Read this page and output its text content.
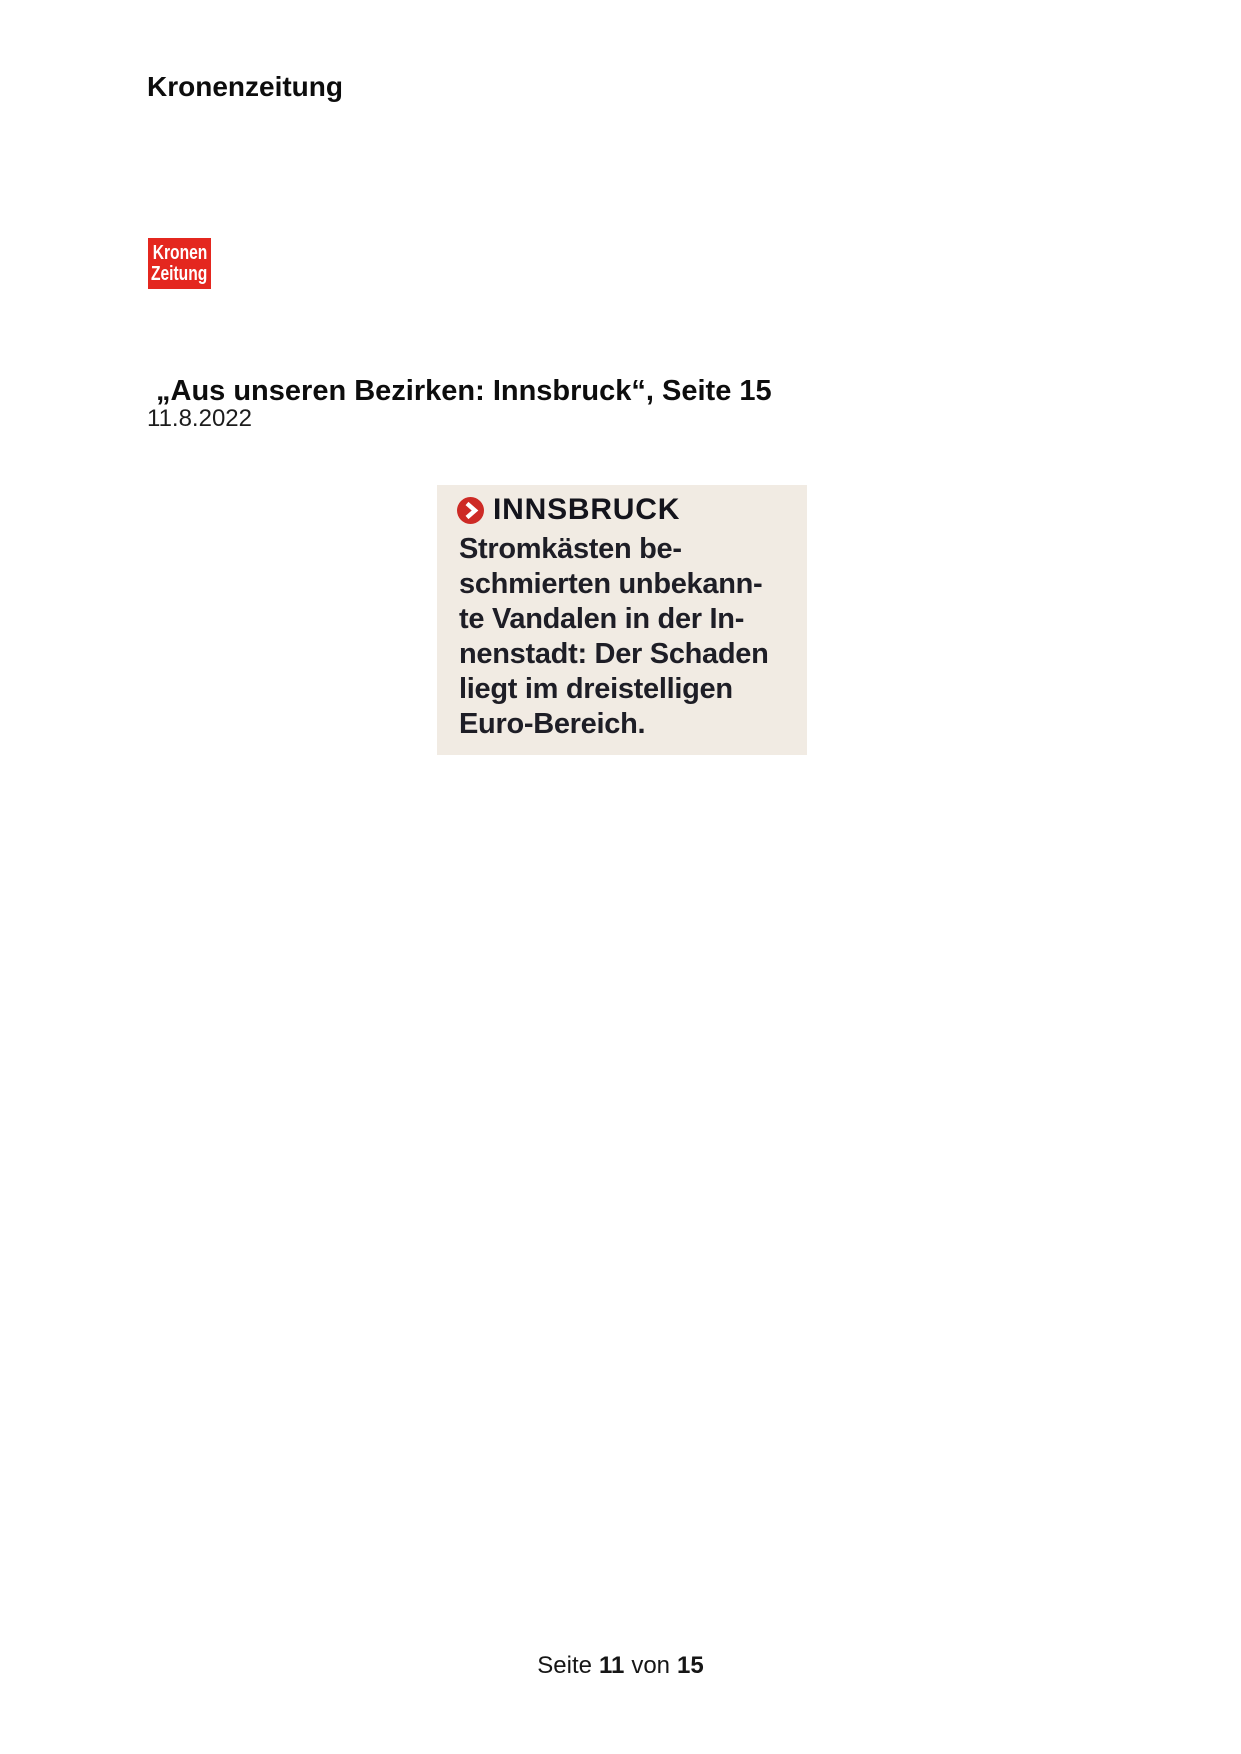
Kronenzeitung
Kronen
Zeitung
„Aus unseren Bezirken: Innsbruck“, Seite 15
11.8.2022
INNSBRUCK
Stromkästen be-
schmierten unbekann-
te Vandalen in der In-
nenstadt: Der Schaden
liegt im dreistelligen
Euro-Bereich.
Seite 11 von 15
